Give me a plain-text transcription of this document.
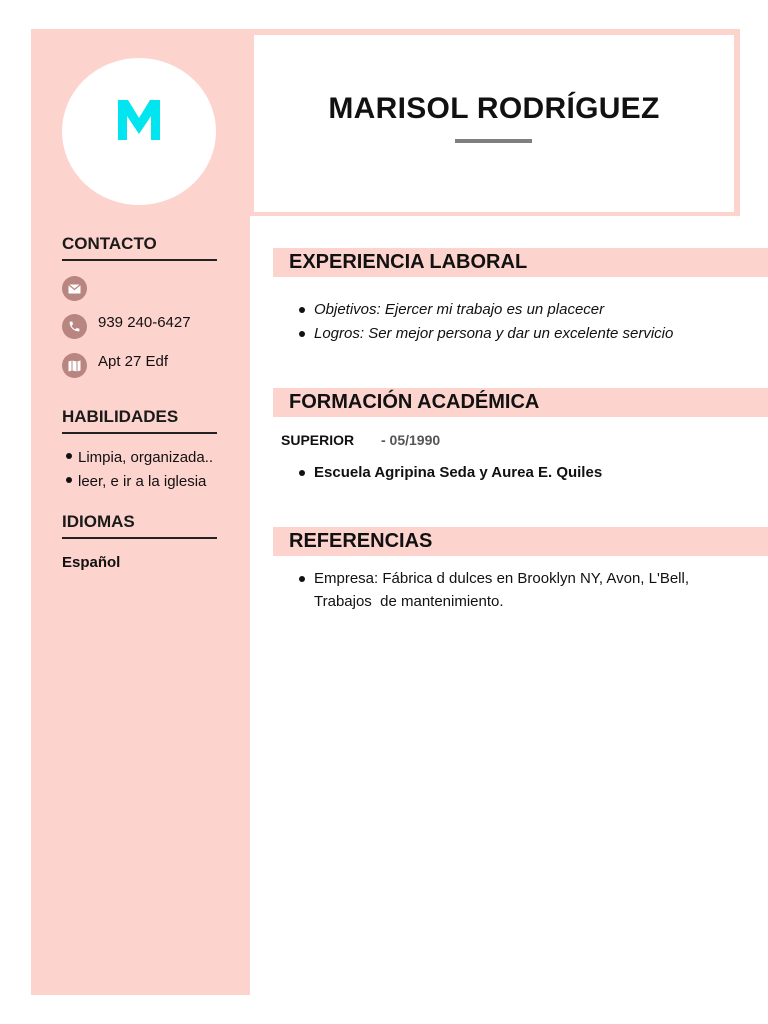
MARISOL RODRÍGUEZ
CONTACTO
939 240-6427
Apt 27 Edf
HABILIDADES
Limpia, organizada..
leer, e ir a la iglesia
IDIOMAS
Español
EXPERIENCIA LABORAL
Objetivos: Ejercer mi trabajo es un placecer
Logros: Ser mejor persona y dar un excelente servicio
FORMACIÓN ACADÉMICA
SUPERIOR - 05/1990
Escuela Agripina Seda y Aurea E. Quiles
REFERENCIAS
Empresa: Fábrica d dulces en Brooklyn NY, Avon, L'Bell,
Trabajos  de mantenimiento.
